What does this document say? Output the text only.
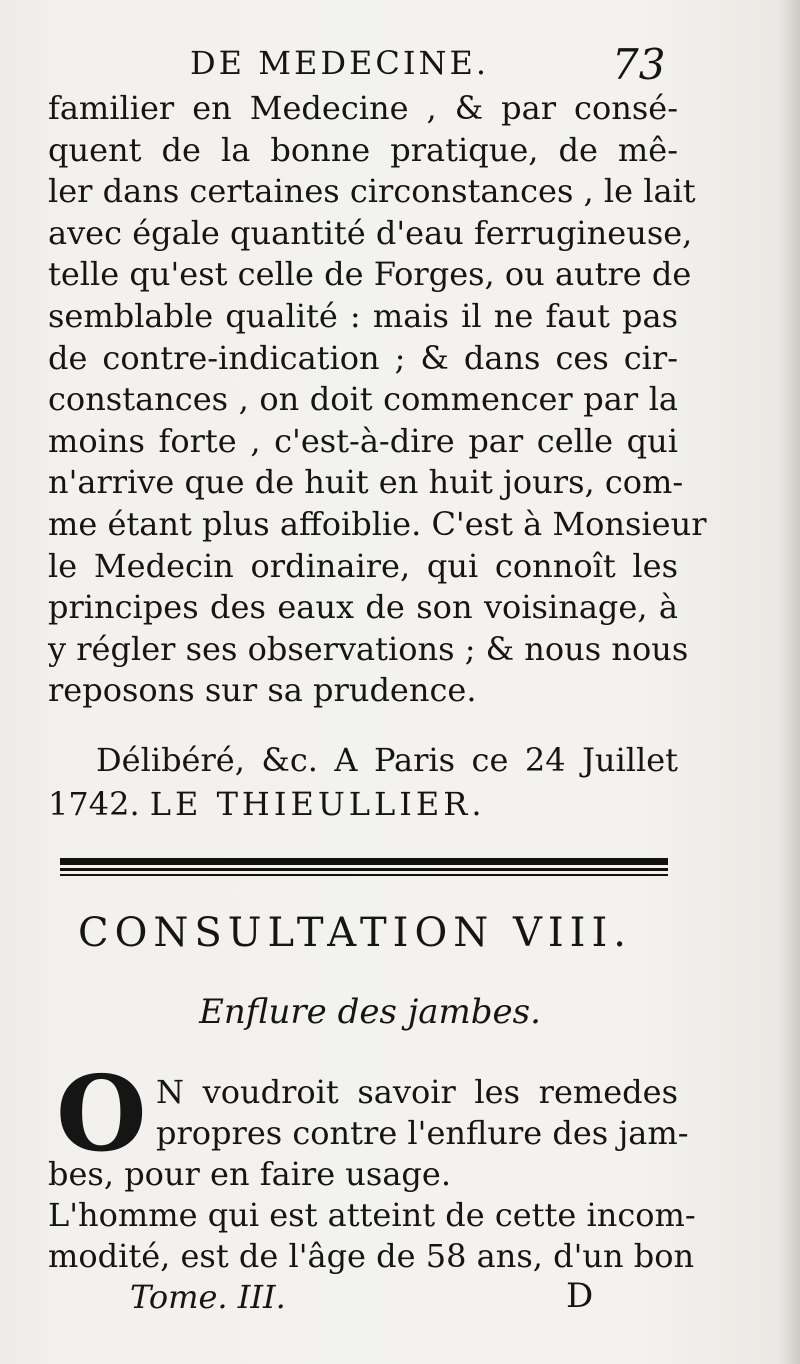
DE MEDECINE.	73
familier en Medecine , & par consé-
quent de la bonne pratique, de mê-
ler dans certaines circonstances , le lait
avec égale quantité d'eau ferrugineuse,
telle qu'est celle de Forges, ou autre de
semblable qualité : mais il ne faut pas
de contre-indication ; & dans ces cir-
constances , on doit commencer par la
moins forte , c'est-à-dire par celle qui
n'arrive que de huit en huit jours, com-
me étant plus affoiblie. C'est à Monsieur
le Medecin ordinaire, qui connoît les
principes des eaux de son voisinage, à
y régler ses observations ; & nous nous
reposons sur sa prudence.
Délibéré, &c. A Paris ce 24 Juillet
1742. LE THIEULLIER.
CONSULTATION VIII.
Enflure des jambes.
O N voudroit savoir les remedes
propres contre l'enflure des jam-
bes, pour en faire usage.
L'homme qui est atteint de cette incom-
modité, est de l'âge de 58 ans, d'un bon
Tome. III.	D
